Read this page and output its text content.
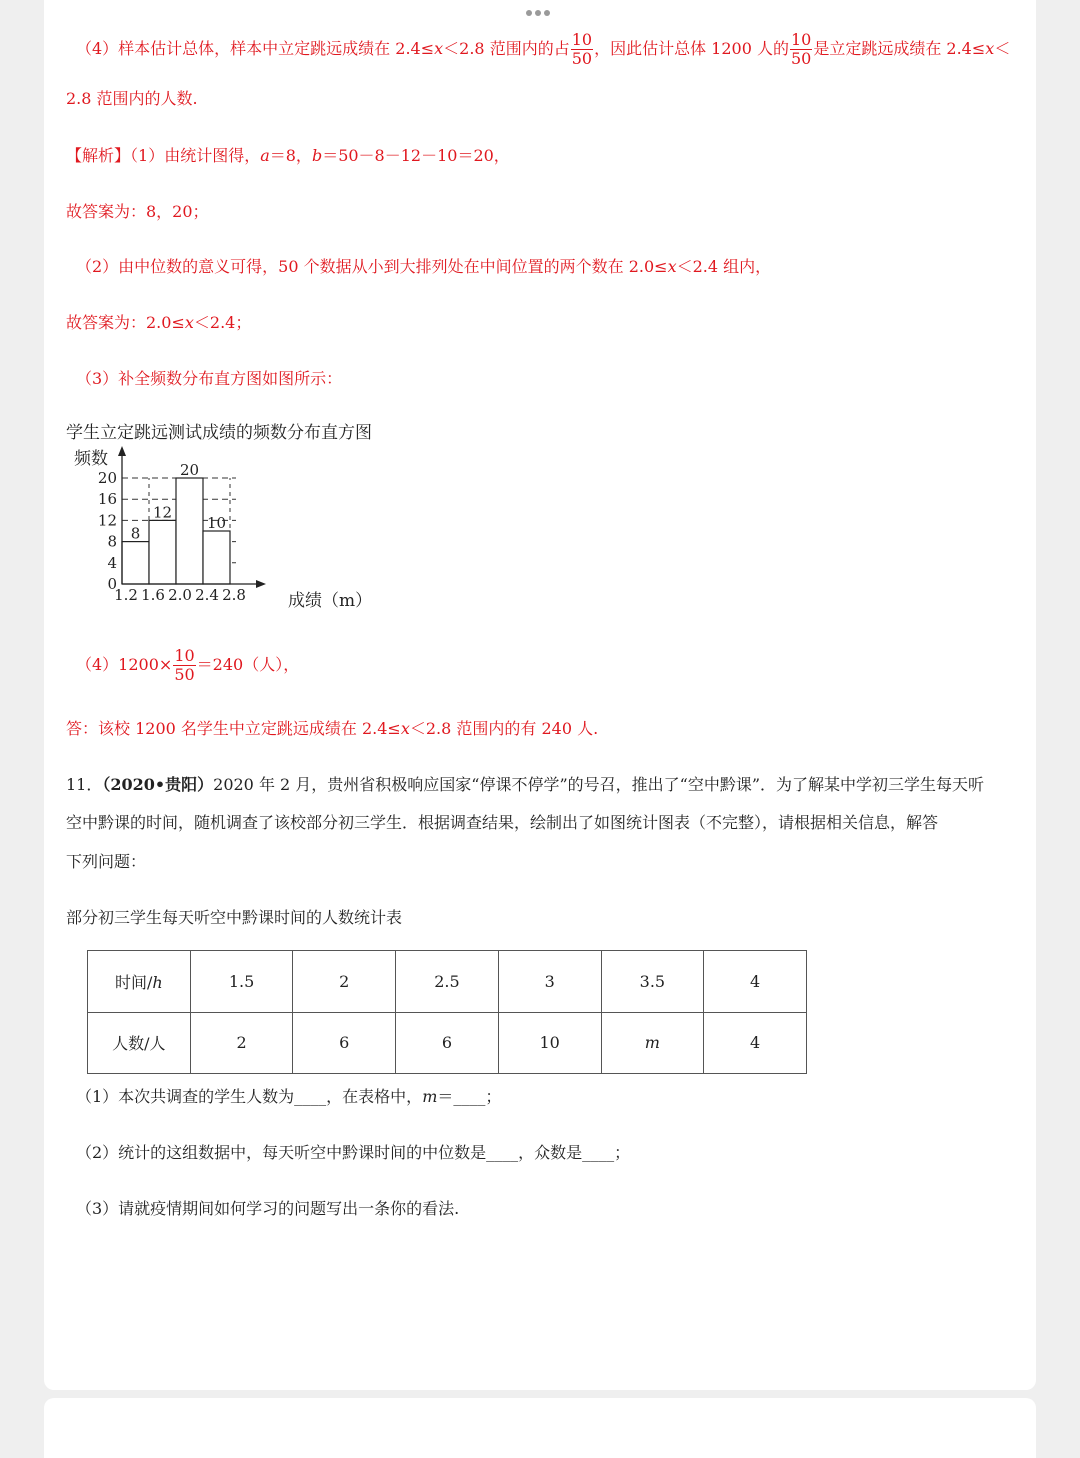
（4）样本估计总体，样本中立定跳远成绩在 2.4≤x＜2.8 范围内的占 $\frac{10}{50}$ ，因此估计总体 1200 人的 $\frac{10}{50}$ 是立定跳远成绩在 2.4≤x＜
2.8 范围内的人数.
【解析】（1）由统计图得，a＝8，b＝50－8－12－10＝20，
故答案为：8，20；
（2）由中位数的意义可得，50 个数据从小到大排列处在中间位置的两个数在 2.0≤x＜2.4 组内，
故答案为：2.0≤x＜2.4；
（3）补全频数分布直方图如图所示：
学生立定跳远测试成绩的频数分布直方图
8
12
20
10
0
4
8
12
16
20
1.2 1.6 2.0 2.4 2.8
频数
成绩（m）
$(4)1200\times \frac{10}{50} =240$（人），
答：该校 1200 名学生中立定跳远成绩在 2.4≤x＜2.8 范围内的有 240 人.
11．（2020•贵阳）2020 年 2 月，贵州省积极响应国家“停课不停学”的号召，推出了“空中黔课”．为了解某中学初三学生每天听
空中黔课的时间，随机调查了该校部分初三学生．根据调查结果，绘制出了如图统计图表（不完整），请根据相关信息，解答
下列问题：
部分初三学生每天听空中黔课时间的人数统计表
时间/h	1.5	2	2.5	3	3.5	4
人数/人	2	6	6	10	m	4
（1）本次共调查的学生人数为____，在表格中，m＝____；
（2）统计的这组数据中，每天听空中黔课时间的中位数是____，众数是____；
（3）请就疫情期间如何学习的问题写出一条你的看法.
